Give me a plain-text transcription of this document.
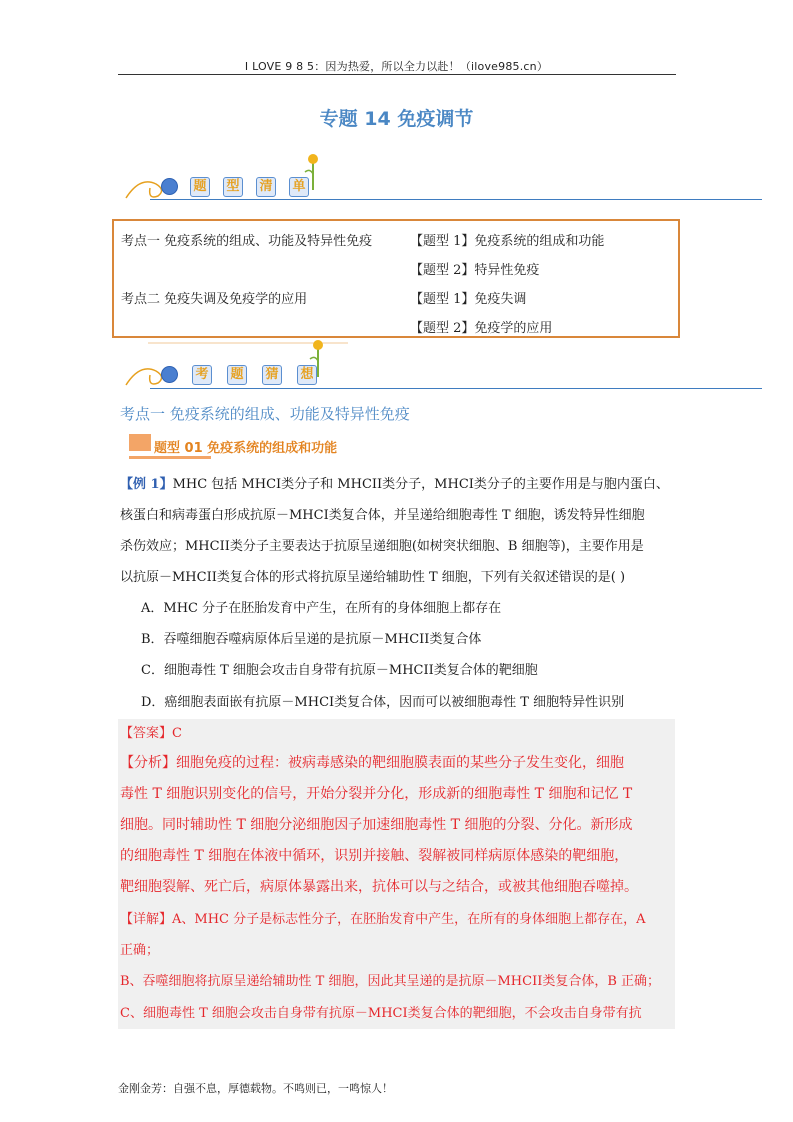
I LOVE 9 8 5：因为热爱，所以全力以赴！（ilove985.cn）
专题 14 免疫调节
题 型 清 单
考点一 免疫系统的组成、功能及特异性免疫	【题型 1】免疫系统的组成和功能
【题型 2】特异性免疫
考点二 免疫失调及免疫学的应用	【题型 1】免疫失调
【题型 2】免疫学的应用
考 题 猜 想
考点一 免疫系统的组成、功能及特异性免疫
题型 01 免疫系统的组成和功能
【例 1】MHC 包括 MHCI类分子和 MHCII类分子，MHCI类分子的主要作用是与胞内蛋白、
核蛋白和病毒蛋白形成抗原－MHCI类复合体，并呈递给细胞毒性 T 细胞，诱发特异性细胞
杀伤效应；MHCII类分子主要表达于抗原呈递细胞(如树突状细胞、B 细胞等)，主要作用是
以抗原－MHCII类复合体的形式将抗原呈递给辅助性 T 细胞，下列有关叙述错误的是( )
A．MHC 分子在胚胎发育中产生，在所有的身体细胞上都存在
B．吞噬细胞吞噬病原体后呈递的是抗原－MHCII类复合体
C．细胞毒性 T 细胞会攻击自身带有抗原－MHCII类复合体的靶细胞
D．癌细胞表面嵌有抗原－MHCI类复合体，因而可以被细胞毒性 T 细胞特异性识别
【答案】C
【分析】细胞免疫的过程：被病毒感染的靶细胞膜表面的某些分子发生变化，细胞
毒性 T 细胞识别变化的信号，开始分裂并分化，形成新的细胞毒性 T 细胞和记忆 T
细胞。同时辅助性 T 细胞分泌细胞因子加速细胞毒性 T 细胞的分裂、分化。新形成
的细胞毒性 T 细胞在体液中循环，识别并接触、裂解被同样病原体感染的靶细胞，
靶细胞裂解、死亡后，病原体暴露出来，抗体可以与之结合，或被其他细胞吞噬掉。
【详解】A、MHC 分子是标志性分子，在胚胎发育中产生，在所有的身体细胞上都存在，A
正确；
B、吞噬细胞将抗原呈递给辅助性 T 细胞，因此其呈递的是抗原－MHCII类复合体，B 正确；
C、细胞毒性 T 细胞会攻击自身带有抗原－MHCI类复合体的靶细胞，不会攻击自身带有抗
金刚金芳：自强不息，厚德载物。不鸣则已，一鸣惊人！
